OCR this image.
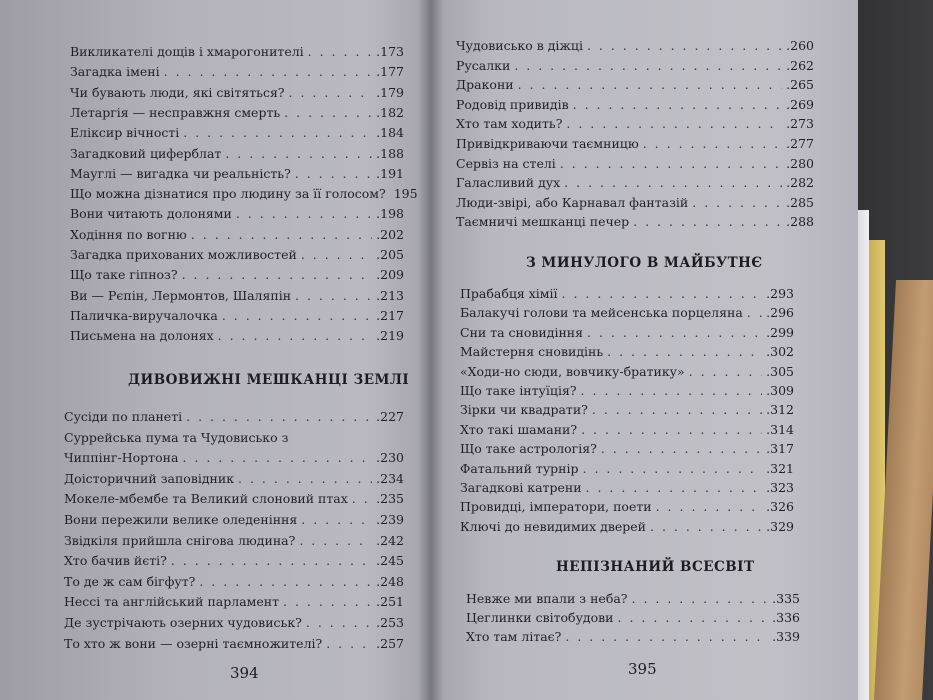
Викликателі дощів і хмарогонителі . . .	.173
Загадка імені . . .	.177
Чи бувають люди, які світяться? . . .	.179
Летаргія — несправжня смерть . . .	.182
Еліксир вічності . . .	.184
Загадковий циферблат . . .	.188
Мауглі — вигадка чи реальність? . . .	.191
Що можна дізнатися про людину за її голосом? 195
Вони читають долонями . . .	.198
Ходіння по вогню . . .	.202
Загадка прихованих можливостей . . .	.205
Що таке гіпноз? . . .	.209
Ви — Рєпін, Лермонтов, Шаляпін . . .	.213
Паличка-виручалочка . . .	.217
Письмена на долонях . . .	.219
ДИВОВИЖНІ МЕШКАНЦІ ЗЕМЛІ
Сусіди по планеті . . .	.227
Суррейська пума та Чудовисько з
Чиппінг-Нортона . . .	.230
Доісторичний заповідник . . .	.234
Мокеле-мбембе та Великий слоновий птах . . . .235
Вони пережили велике оледеніння . . .	.239
Звідкіля прийшла снігова людина? . . .	.242
Хто бачив йєті? . . .	.245
То де ж сам бігфут? . . .	.248
Нессі та англійський парламент . . .	.251
Де зустрічають озерних чудовиськ? . . .	.253
То хто ж вони — озерні таємножителі? . . .	.257
394
Чудовисько в діжці . . .	.260
Русалки . . .	.262
Дракони . . .	.265
Родовід привидів . . .	.269
Хто там ходить? . . .	.273
Привідкриваючи таємницю . . .	.277
Сервіз на стелі . . .	.280
Галасливий дух . . .	.282
Люди-звірі, або Карнавал фантазій . . .	.285
Таємничі мешканці печер . . .	.288
З МИНУЛОГО В МАЙБУТНЄ
Прабабця хімії . . .	.293
Балакучі голови та мейсенська порцеляна . . . .296
Сни та сновидіння . . .	.299
Майстерня сновидінь . . .	.302
«Ходи-но сюди, вовчику-братику» . . .	.305
Що таке інтуїція? . . .	.309
Зірки чи квадрати? . . .	.312
Хто такі шамани? . . .	.314
Що таке астрологія? . . .	.317
Фатальний турнір . . .	.321
Загадкові катрени . . .	.323
Провидці, імператори, поети . . .	.326
Ключі до невидимих дверей . . .	.329
НЕПІЗНАНИЙ ВСЕСВІТ
Невже ми впали з неба? . . .	.335
Цеглинки світобудови . . .	.336
Хто там літає? . . .	.339
395
